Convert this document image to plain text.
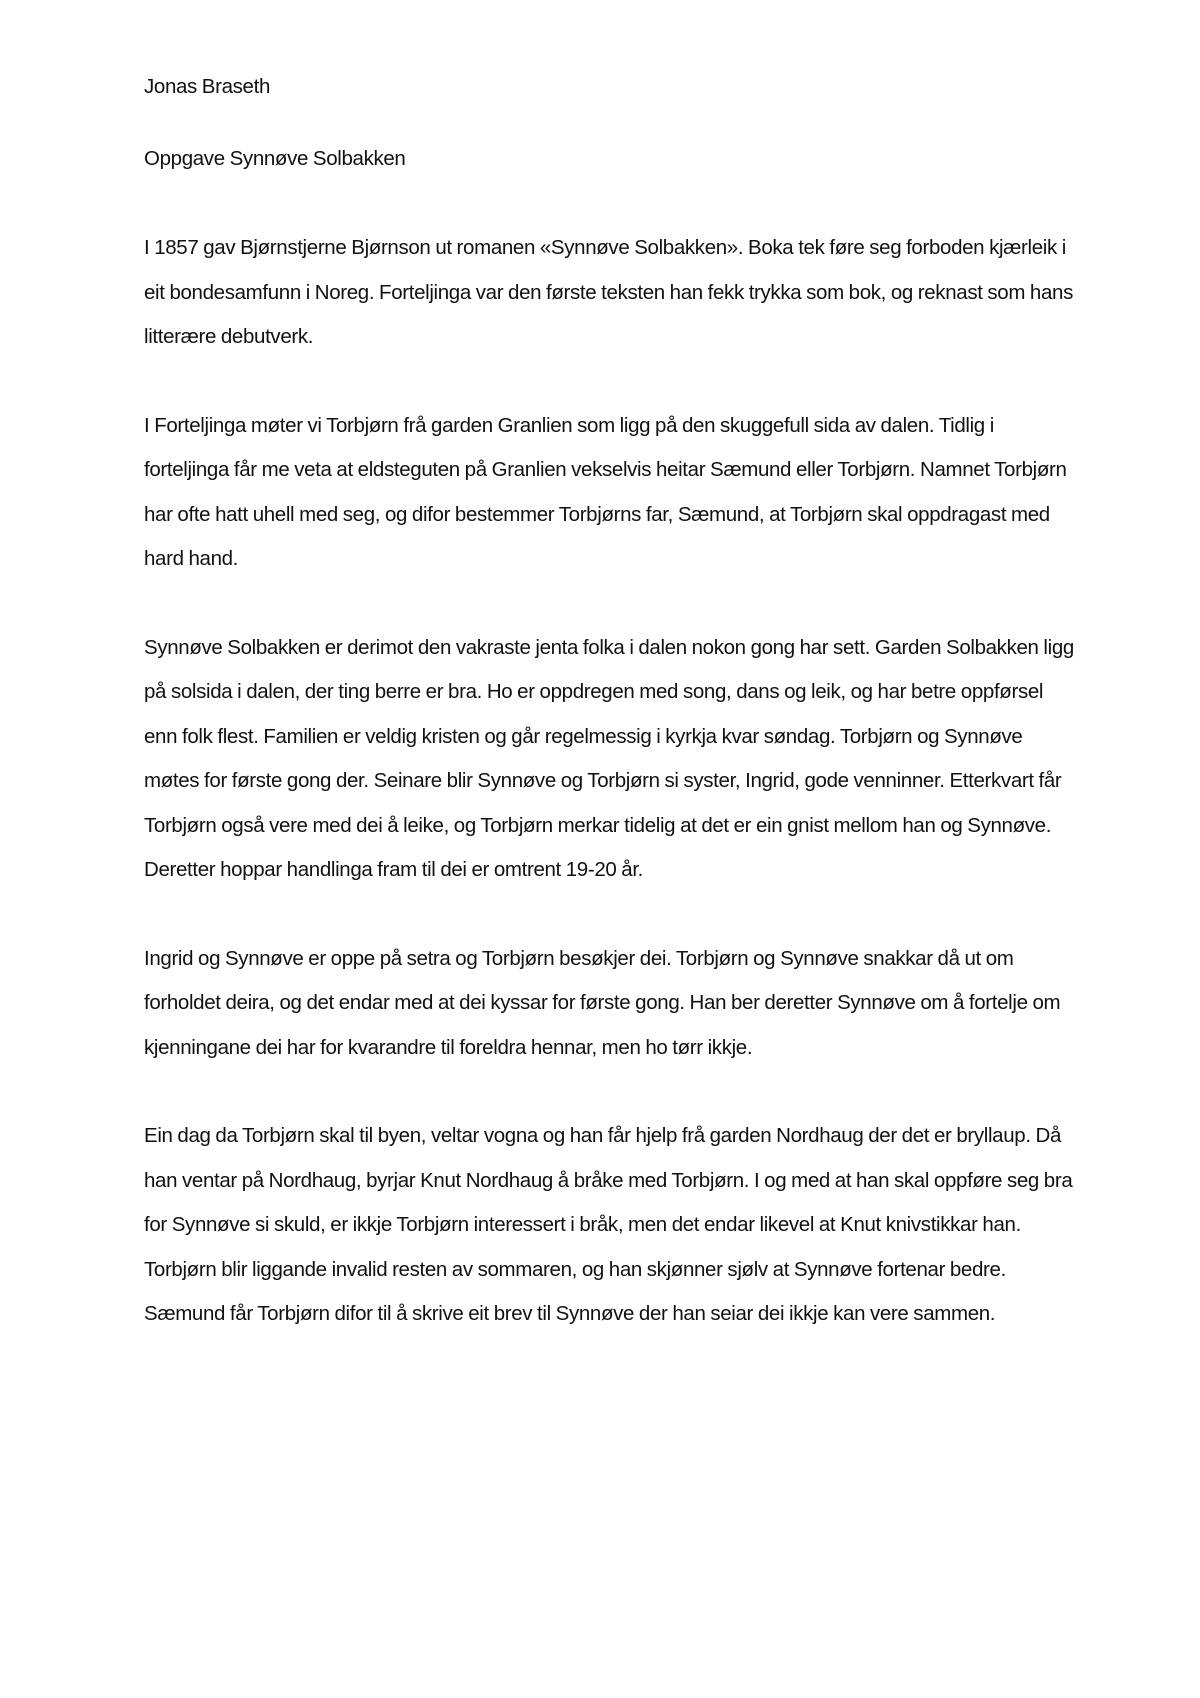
Jonas Braseth

Oppgave Synnøve Solbakken

I 1857 gav Bjørnstjerne Bjørnson ut romanen «Synnøve Solbakken». Boka tek føre seg forboden kjærleik i eit bondesamfunn i Noreg. Forteljinga var den første teksten han fekk trykka som bok, og reknast som hans litterære debutverk.

I Forteljinga møter vi Torbjørn frå garden Granlien som ligg på den skuggefull sida av dalen. Tidlig i forteljinga får me veta at eldsteguten på Granlien vekselvis heitar Sæmund eller Torbjørn. Namnet Torbjørn har ofte hatt uhell med seg, og difor bestemmer Torbjørns far, Sæmund, at Torbjørn skal oppdragast med hard hand.

Synnøve Solbakken er derimot den vakraste jenta folka i dalen nokon gong har sett. Garden Solbakken ligg på solsida i dalen, der ting berre er bra. Ho er oppdregen med song, dans og leik, og har betre oppførsel enn folk flest. Familien er veldig kristen og går regelmessig i kyrkja kvar søndag. Torbjørn og Synnøve møtes for første gong der. Seinare blir Synnøve og Torbjørn si syster, Ingrid, gode venninner. Etterkvart får Torbjørn også vere med dei å leike, og Torbjørn merkar tidelig at det er ein gnist mellom han og Synnøve. Deretter hoppar handlinga fram til dei er omtrent 19-20 år.

Ingrid og Synnøve er oppe på setra og Torbjørn besøkjer dei. Torbjørn og Synnøve snakkar då ut om forholdet deira, og det endar med at dei kyssar for første gong. Han ber deretter Synnøve om å fortelje om kjenningane dei har for kvarandre til foreldra hennar, men ho tørr ikkje.

Ein dag da Torbjørn skal til byen, veltar vogna og han får hjelp frå garden Nordhaug der det er bryllaup. Då han ventar på Nordhaug, byrjar Knut Nordhaug å bråke med Torbjørn. I og med at han skal oppføre seg bra for Synnøve si skuld, er ikkje Torbjørn interessert i bråk, men det endar likevel at Knut knivstikkar han. Torbjørn blir liggande invalid resten av sommaren, og han skjønner sjølv at Synnøve fortenar bedre. Sæmund får Torbjørn difor til å skrive eit brev til Synnøve der han seiar dei ikkje kan vere sammen.
